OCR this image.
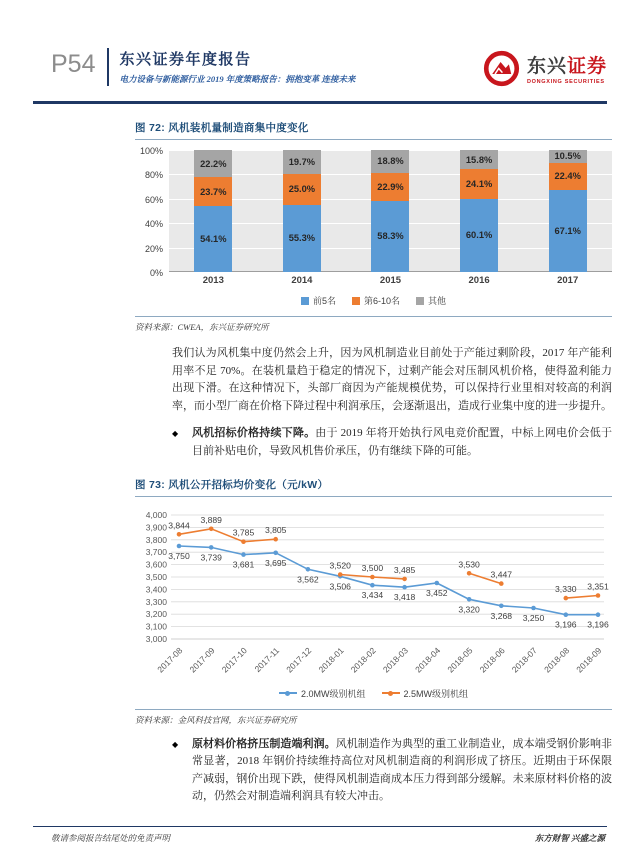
P54 东兴证券年度报告
电力设备与新能源行业 2019 年度策略报告：拥抱变革 连接未来
东兴证券
DONGXING SECURITIES
图 72: 风机装机量制造商集中度变化
100%
80%
60%
40%
20%
0%
54.1%
23.7%
22.2%
55.3%
25.0%
19.7%
58.3%
22.9%
18.8%
60.1%
24.1%
15.8%
67.1%
22.4%
10.5%
2013	2014	2015	2016	2017
前5名	第6-10名	其他
资料来源：CWEA，东兴证券研究所
我们认为风机集中度仍然会上升，因为风机制造业目前处于产能过剩阶段，2017 年产能利用率不足 70%。在装机量趋于稳定的情况下，过剩产能会对压制风机价格，使得盈利能力出现下滑。在这种情况下，头部厂商因为产能规模优势，可以保持行业里相对较高的利润率，而小型厂商在价格下降过程中利润承压，会逐渐退出，造成行业集中度的进一步提升。
◆	风机招标价格持续下降。由于 2019 年将开始执行风电竞价配置，中标上网电价会低于目前补贴电价，导致风机售价承压，仍有继续下降的可能。
图 73: 风机公开招标均价变化（元/kW）
3,000
3,100
3,200
3,300
3,400
3,500
3,600
3,700
3,800
3,900
4,000
2017-08 2017-09 2017-10 2017-11 2017-12 2018-01 2018-02 2018-03 2018-04 2018-05 2018-06 2018-07 2018-08 2018-09
3,750 3,739
3,681 3,695
3,562
3,506
3,434 3,418 3,452
3,320
3,268 3,250
3,196 3,196
3,844
3,889
3,785 3,805
3,520 3,500 3,485
3,530
3,447
3,330 3,351
2.0MW级别机组	2.5MW级别机组
资料来源：金风科技官网，东兴证券研究所
◆	原材料价格挤压制造端利润。风机制造作为典型的重工业制造业，成本端受钢价影响非常显著，2018 年钢价持续维持高位对风机制造商的利润形成了挤压。近期由于环保限产减弱，钢价出现下跌，使得风机制造商成本压力得到部分缓解。未来原材料价格的波动，仍然会对制造端利润具有较大冲击。
敬请参阅报告结尾处的免责声明	东方财智 兴盛之源
